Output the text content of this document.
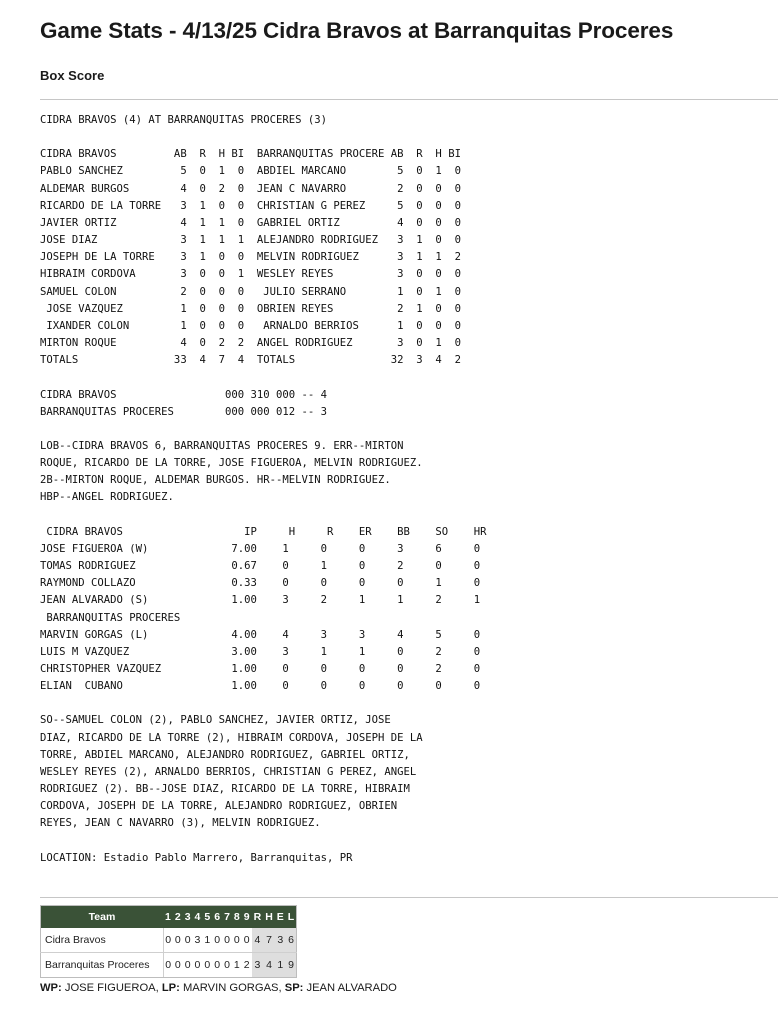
Game Stats - 4/13/25 Cidra Bravos at Barranquitas Proceres
Box Score
CIDRA BRAVOS (4) AT BARRANQUITAS PROCERES (3)

CIDRA BRAVOS         AB  R  H BI  BARRANQUITAS PROCERE AB  R  H BI
PABLO SANCHEZ         5  0  1  0  ABDIEL MARCANO        5  0  1  0
ALDEMAR BURGOS        4  0  2  0  JEAN C NAVARRO        2  0  0  0
RICARDO DE LA TORRE   3  1  0  0  CHRISTIAN G PEREZ     5  0  0  0
JAVIER ORTIZ          4  1  1  0  GABRIEL ORTIZ         4  0  0  0
JOSE DIAZ             3  1  1  1  ALEJANDRO RODRIGUEZ   3  1  0  0
JOSEPH DE LA TORRE    3  1  0  0  MELVIN RODRIGUEZ      3  1  1  2
HIBRAIM CORDOVA       3  0  0  1  WESLEY REYES          3  0  0  0
SAMUEL COLON          2  0  0  0   JULIO SERRANO        1  0  1  0
JOSE VAZQUEZ         1  0  0  0  OBRIEN REYES          2  1  0  0
IXANDER COLON        1  0  0  0   ARNALDO BERRIOS      1  0  0  0
MIRTON ROQUE          4  0  2  2  ANGEL RODRIGUEZ       3  0  1  0
TOTALS               33  4  7  4  TOTALS               32  3  4  2

CIDRA BRAVOS                 000 310 000 -- 4
BARRANQUITAS PROCERES        000 000 012 -- 3

LOB--CIDRA BRAVOS 6, BARRANQUITAS PROCERES 9. ERR--MIRTON
ROQUE, RICARDO DE LA TORRE, JOSE FIGUEROA, MELVIN RODRIGUEZ.
2B--MIRTON ROQUE, ALDEMAR BURGOS. HR--MELVIN RODRIGUEZ.
HBP--ANGEL RODRIGUEZ.

CIDRA BRAVOS                   IP     H     R    ER    BB    SO    HR
JOSE FIGUEROA (W)             7.00    1     0     0     3     6     0
TOMAS RODRIGUEZ               0.67    0     1     0     2     0     0
RAYMOND COLLAZO               0.33    0     0     0     0     1     0
JEAN ALVARADO (S)             1.00    3     2     1     1     2     1
BARRANQUITAS PROCERES
MARVIN GORGAS (L)             4.00    4     3     3     4     5     0
LUIS M VAZQUEZ                3.00    3     1     1     0     2     0
CHRISTOPHER VAZQUEZ           1.00    0     0     0     0     2     0
ELIAN  CUBANO                 1.00    0     0     0     0     0     0

SO--SAMUEL COLON (2), PABLO SANCHEZ, JAVIER ORTIZ, JOSE
DIAZ, RICARDO DE LA TORRE (2), HIBRAIM CORDOVA, JOSEPH DE LA
TORRE, ABDIEL MARCANO, ALEJANDRO RODRIGUEZ, GABRIEL ORTIZ,
WESLEY REYES (2), ARNALDO BERRIOS, CHRISTIAN G PEREZ, ANGEL
RODRIGUEZ (2). BB--JOSE DIAZ, RICARDO DE LA TORRE, HIBRAIM
CORDOVA, JOSEPH DE LA TORRE, ALEJANDRO RODRIGUEZ, OBRIEN
REYES, JEAN C NAVARRO (3), MELVIN RODRIGUEZ.

LOCATION: Estadio Pablo Marrero, Barranquitas, PR
Team	1	2	3	4	5	6	7	8	9	R	H	E	L
Cidra Bravos	0	0	0	3	1	0	0	0	0	4	7	3	6
Barranquitas Proceres	0	0	0	0	0	0	0	1	2	3	4	1	9

WP: JOSE FIGUEROA, LP: MARVIN GORGAS, SP: JEAN ALVARADO
